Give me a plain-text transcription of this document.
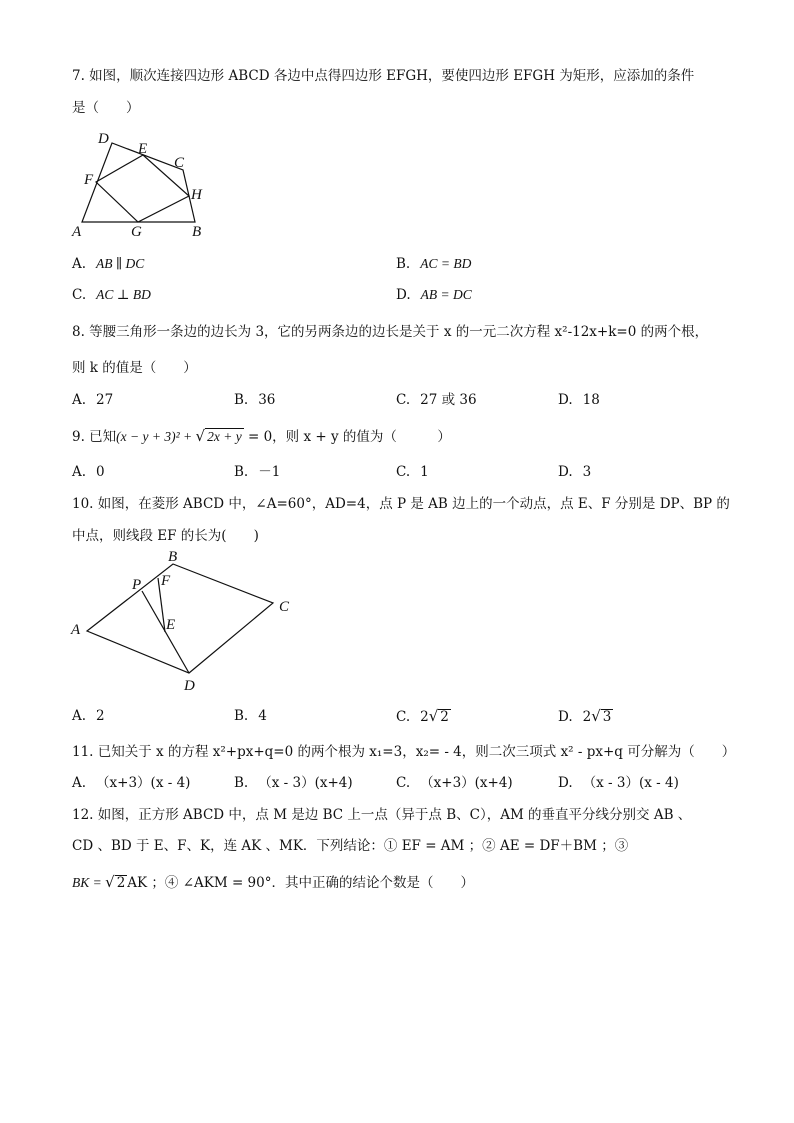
7. 如图，顺次连接四边形 ABCD 各边中点得四边形 EFGH，要使四边形 EFGH 为矩形，应添加的条件
是（　　）
D
E
C
F
H
A	G	B
A. AB ∥ DC	B. AC = BD
C. AC ⊥ BD	D. AB = DC
8. 等腰三角形一条边的边长为 3，它的另两条边的边长是关于 x 的一元二次方程 x²-12x+k=0 的两个根，
则 k 的值是（　　）
A. 27	B. 36	C. 27 或 36	D. 18
9. 已知(x − y + 3)² + √ 2x + y = 0，则 x + y 的值为（　　　）
A. 0	B. －1	C. 1	D. 3
10. 如图，在菱形 ABCD 中，∠A=60°，AD=4，点 P 是 AB 边上的一个动点，点 E、F 分别是 DP、BP 的
中点，则线段 EF 的长为(　　)
B
P F
C
E
A
D
A. 2	B. 4	C. 2√ 2	D. 2√ 3
11. 已知关于 x 的方程 x²+px+q=0 的两个根为 x₁=3，x₂= - 4，则二次三项式 x² - px+q 可分解为（　　）
A. （x+3）(x - 4)	B. （x - 3）(x+4)	C. （x+3）(x+4)	D. （x - 3）(x - 4)
12. 如图，正方形 ABCD 中，点 M 是边 BC 上一点（异于点 B、C），AM 的垂直平分线分别交 AB 、
CD 、BD 于 E、F、K，连 AK 、MK．下列结论：① EF = AM ；② AE = DF＋BM ；③
BK = √ 2 AK ；④ ∠AKM = 90°．其中正确的结论个数是（　　）
